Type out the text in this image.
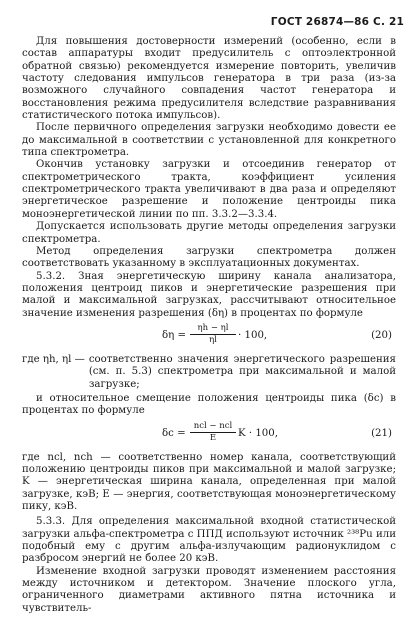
ГОСТ 26874—86 С. 21

Для повышения достоверности измерений (особенно, если в состав аппаратуры входит предусилитель с оптоэлектронной обратной связью) рекомендуется измерение повторить, увеличив частоту следования импульсов генератора в три раза (из-за возможного случайного совпадения частот генератора и восстановления режима предусилителя вследствие разравнивания статистического потока импульсов).

После первичного определения загрузки необходимо довести ее до максимальной в соответствии с установленной для конкретного типа спектрометра.

Окончив установку загрузки и отсоединив генератор от спектрометрического тракта, коэффициент усиления спектрометрического тракта увеличивают в два раза и определяют энергетическое разрешение и положение центроиды пика моноэнергетической линии по пп. 3.3.2—3.3.4.

Допускается использовать другие методы определения загрузки спектрометра.

Метод определения загрузки спектрометра должен соответствовать указанному в эксплуатационных документах.

5.3.2. Зная энергетическую ширину канала анализатора, положения центроид пиков и энергетические разрешения при малой и максимальной загрузках, рассчитывают относительное значение изменения разрешения (δη) в процентах по формуле

$\delta\eta = \frac{\eta h - \eta l}{\eta l} \cdot 100$,	(20)
где ηh, ηl — соответственно значения энергетического разрешения (см. п. 5.3) спектрометра при максимальной и малой загрузке;

и относительное смещение положения центроиды пика (δc) в процентах по формуле

δc =
ncl − ncl
E	K · 100,	(21)

где ncl, nch — соответственно номер канала, соответствующий положению центроиды пиков при максимальной и малой загрузке; K — энергетическая ширина канала, определенная при малой загрузке, кэВ; E — энергия, соответствующая моноэнергетическому пику, кэВ.

5.3.3. Для определения максимальной входной статистической загрузки альфа-спектрометра с ППД используют источник ²³⁸Pu или подобный ему с другим альфа-излучающим радионуклидом с разбросом энергий не более 20 кэВ.

Изменение входной загрузки проводят изменением расстояния между источником и детектором. Значение плоского угла, ограниченного диаметрами активного пятна источника и чувствитель-
